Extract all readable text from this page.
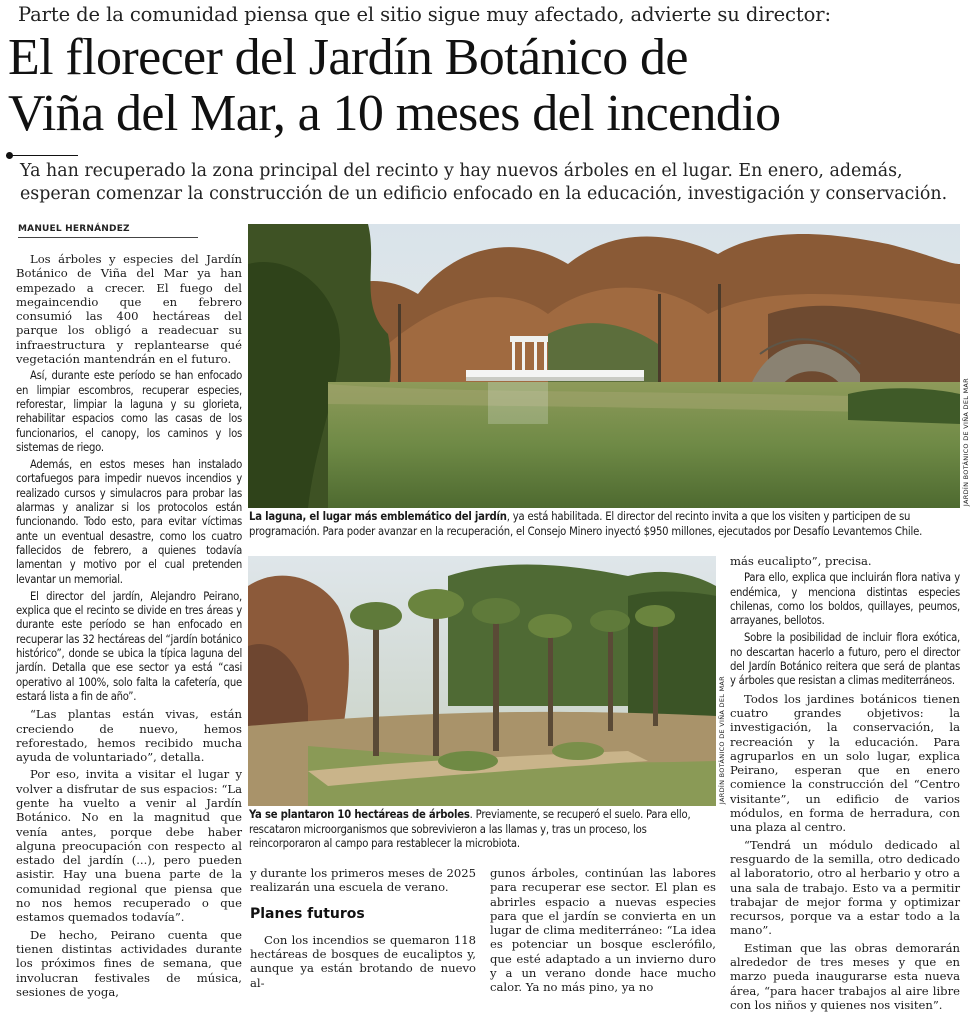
Parte de la comunidad piensa que el sitio sigue muy afectado, advierte su director:
El florecer del Jardín Botánico de
Viña del Mar, a 10 meses del incendio
Ya han recuperado la zona principal del recinto y hay nuevos árboles en el lugar. En enero, además,
esperan comenzar la construcción de un edificio enfocado en la educación, investigación y conservación.
MANUEL HERNÁNDEZ

Los árboles y especies del Jardín Botánico de Viña del Mar ya han empezado a crecer. El fuego del megaincendio que en febrero consumió las 400 hectáreas del parque los obligó a readecuar su infraestructura y replantearse qué vegetación mantendrán en el futuro.

Así, durante este período se han enfocado en limpiar escombros, recuperar especies, reforestar, limpiar la laguna y su glorieta, rehabilitar espacios como las casas de los funcionarios, el canopy, los caminos y los sistemas de riego.

Además, en estos meses han instalado cortafuegos para impedir nuevos incendios y realizado cursos y simulacros para probar las alarmas y analizar si los protocolos están funcionando. Todo esto, para evitar víctimas ante un eventual desastre, como los cuatro fallecidos de febrero, a quienes todavía lamentan y motivo por el cual pretenden levantar un memorial.

El director del jardín, Alejandro Peirano, explica que el recinto se divide en tres áreas y durante este período se han enfocado en recuperar las 32 hectáreas del “jardín botánico histórico”, donde se ubica la típica laguna del jardín. Detalla que ese sector ya está “casi operativo al 100%, solo falta la cafetería, que estará lista a fin de año”.

“Las plantas están vivas, están creciendo de nuevo, hemos reforestado, hemos recibido mucha ayuda de voluntariado”, detalla.

Por eso, invita a visitar el lugar y volver a disfrutar de sus espacios: “La gente ha vuelto a venir al Jardín Botánico. No en la magnitud que venía antes, porque debe haber alguna preocupación con respecto al estado del jardín (...), pero pueden asistir. Hay una buena parte de la comunidad regional que piensa que no nos hemos recuperado o que estamos quemados todavía”.

De hecho, Peirano cuenta que tienen distintas actividades durante los próximos fines de semana, que involucran festivales de música, sesiones de yoga,

JARDÍN BOTÁNICO DE VIÑA DEL MAR
La laguna, el lugar más emblemático del jardín, ya está habilitada. El director del recinto invita a que los visiten y participen de su programación. Para poder avanzar en la recuperación, el Consejo Minero inyectó $950 millones, ejecutados por Desafío Levantemos Chile.
JARDÍN BOTÁNICO DE VIÑA DEL MAR
Ya se plantaron 10 hectáreas de árboles. Previamente, se recuperó el suelo. Para ello, rescataron microorganismos que sobrevivieron a las llamas y, tras un proceso, los reincorporaron al campo para restablecer la microbiota.

y durante los primeros meses de 2025 realizarán una escuela de verano.

Planes futuros

Con los incendios se quemaron 118 hectáreas de bosques de eucaliptos y, aunque ya están brotando de nuevo al-

gunos árboles, continúan las labores para recuperar ese sector. El plan es abrirles espacio a nuevas especies para que el jardín se convierta en un lugar de clima mediterráneo: “La idea es potenciar un bosque esclerófilo, que esté adaptado a un invierno duro y a un verano donde hace mucho calor. Ya no más pino, ya no

más eucalipto”, precisa.

Para ello, explica que incluirán flora nativa y endémica, y menciona distintas especies chilenas, como los boldos, quillayes, peumos, arrayanes, bellotos.

Sobre la posibilidad de incluir flora exótica, no descartan hacerlo a futuro, pero el director del Jardín Botánico reitera que será de plantas y árboles que resistan a climas mediterráneos.

Todos los jardines botánicos tienen cuatro grandes objetivos: la investigación, la conservación, la recreación y la educación. Para agruparlos en un solo lugar, explica Peirano, esperan que en enero comience la construcción del “Centro visitante”, un edificio de varios módulos, en forma de herradura, con una plaza al centro.

“Tendrá un módulo dedicado al resguardo de la semilla, otro dedicado al laboratorio, otro al herbario y otro a una sala de trabajo. Esto va a permitir trabajar de mejor forma y optimizar recursos, porque va a estar todo a la mano”.

Estiman que las obras demorarán alrededor de tres meses y que en marzo pueda inaugurarse esta nueva área, “para hacer trabajos al aire libre con los niños y quienes nos visiten”.
